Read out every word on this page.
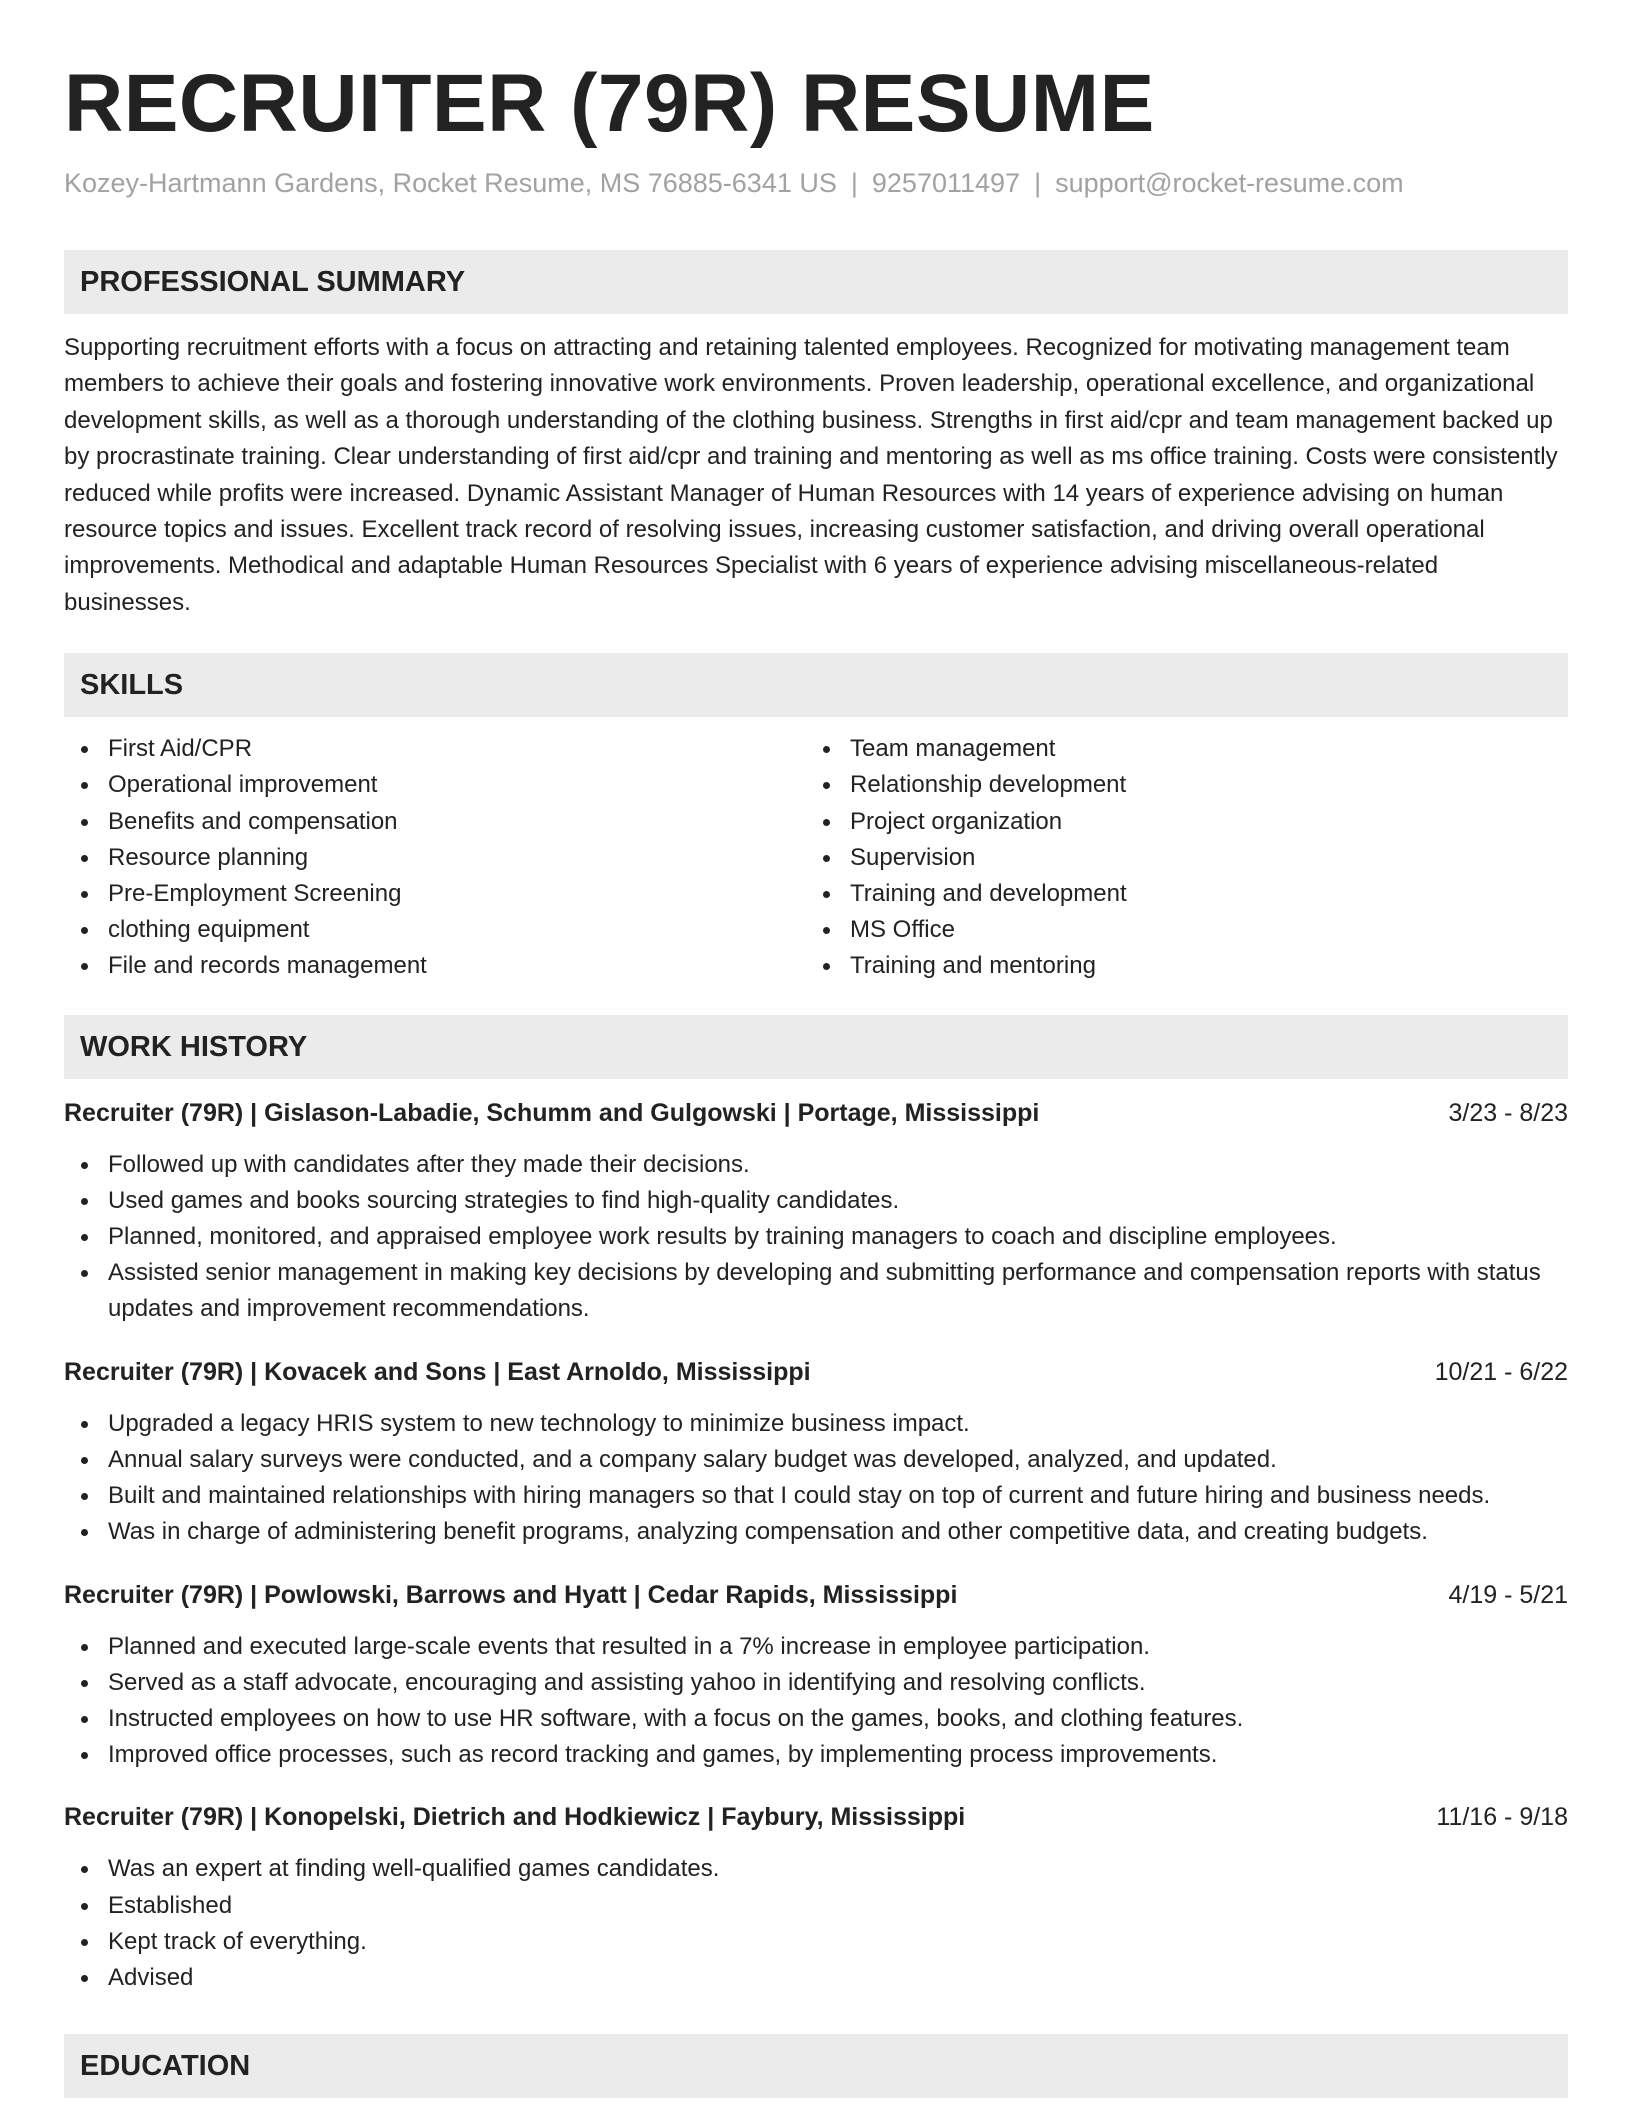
RECRUITER (79R) RESUME
Kozey-Hartmann Gardens, Rocket Resume, MS 76885-6341 US | 9257011497 | support@rocket-resume.com
PROFESSIONAL SUMMARY

Supporting recruitment efforts with a focus on attracting and retaining talented employees. Recognized for motivating management team members to achieve their goals and fostering innovative work environments. Proven leadership, operational excellence, and organizational development skills, as well as a thorough understanding of the clothing business. Strengths in first aid/cpr and team management backed up by procrastinate training. Clear understanding of first aid/cpr and training and mentoring as well as ms office training. Costs were consistently reduced while profits were increased. Dynamic Assistant Manager of Human Resources with 14 years of experience advising on human resource topics and issues. Excellent track record of resolving issues, increasing customer satisfaction, and driving overall operational improvements. Methodical and adaptable Human Resources Specialist with 6 years of experience advising miscellaneous-related businesses.

SKILLS
First Aid/CPR
Operational improvement
Benefits and compensation
Resource planning
Pre-Employment Screening
clothing equipment
File and records management
Team management
Relationship development
Project organization
Supervision
Training and development
MS Office
Training and mentoring
WORK HISTORY
Recruiter (79R) | Gislason-Labadie, Schumm and Gulgowski | Portage, Mississippi	3/23 - 8/23
Followed up with candidates after they made their decisions.
Used games and books sourcing strategies to find high-quality candidates.
Planned, monitored, and appraised employee work results by training managers to coach and discipline employees.
Assisted senior management in making key decisions by developing and submitting performance and compensation reports with status updates and improvement recommendations.
Recruiter (79R) | Kovacek and Sons | East Arnoldo, Mississippi	10/21 - 6/22
Upgraded a legacy HRIS system to new technology to minimize business impact.
Annual salary surveys were conducted, and a company salary budget was developed, analyzed, and updated.
Built and maintained relationships with hiring managers so that I could stay on top of current and future hiring and business needs.
Was in charge of administering benefit programs, analyzing compensation and other competitive data, and creating budgets.
Recruiter (79R) | Powlowski, Barrows and Hyatt | Cedar Rapids, Mississippi	4/19 - 5/21
Planned and executed large-scale events that resulted in a 7% increase in employee participation.
Served as a staff advocate, encouraging and assisting yahoo in identifying and resolving conflicts.
Instructed employees on how to use HR software, with a focus on the games, books, and clothing features.
Improved office processes, such as record tracking and games, by implementing process improvements.
Recruiter (79R) | Konopelski, Dietrich and Hodkiewicz | Faybury, Mississippi	11/16 - 9/18
Was an expert at finding well-qualified games candidates.
Established
Kept track of everything.
Advised
EDUCATION
